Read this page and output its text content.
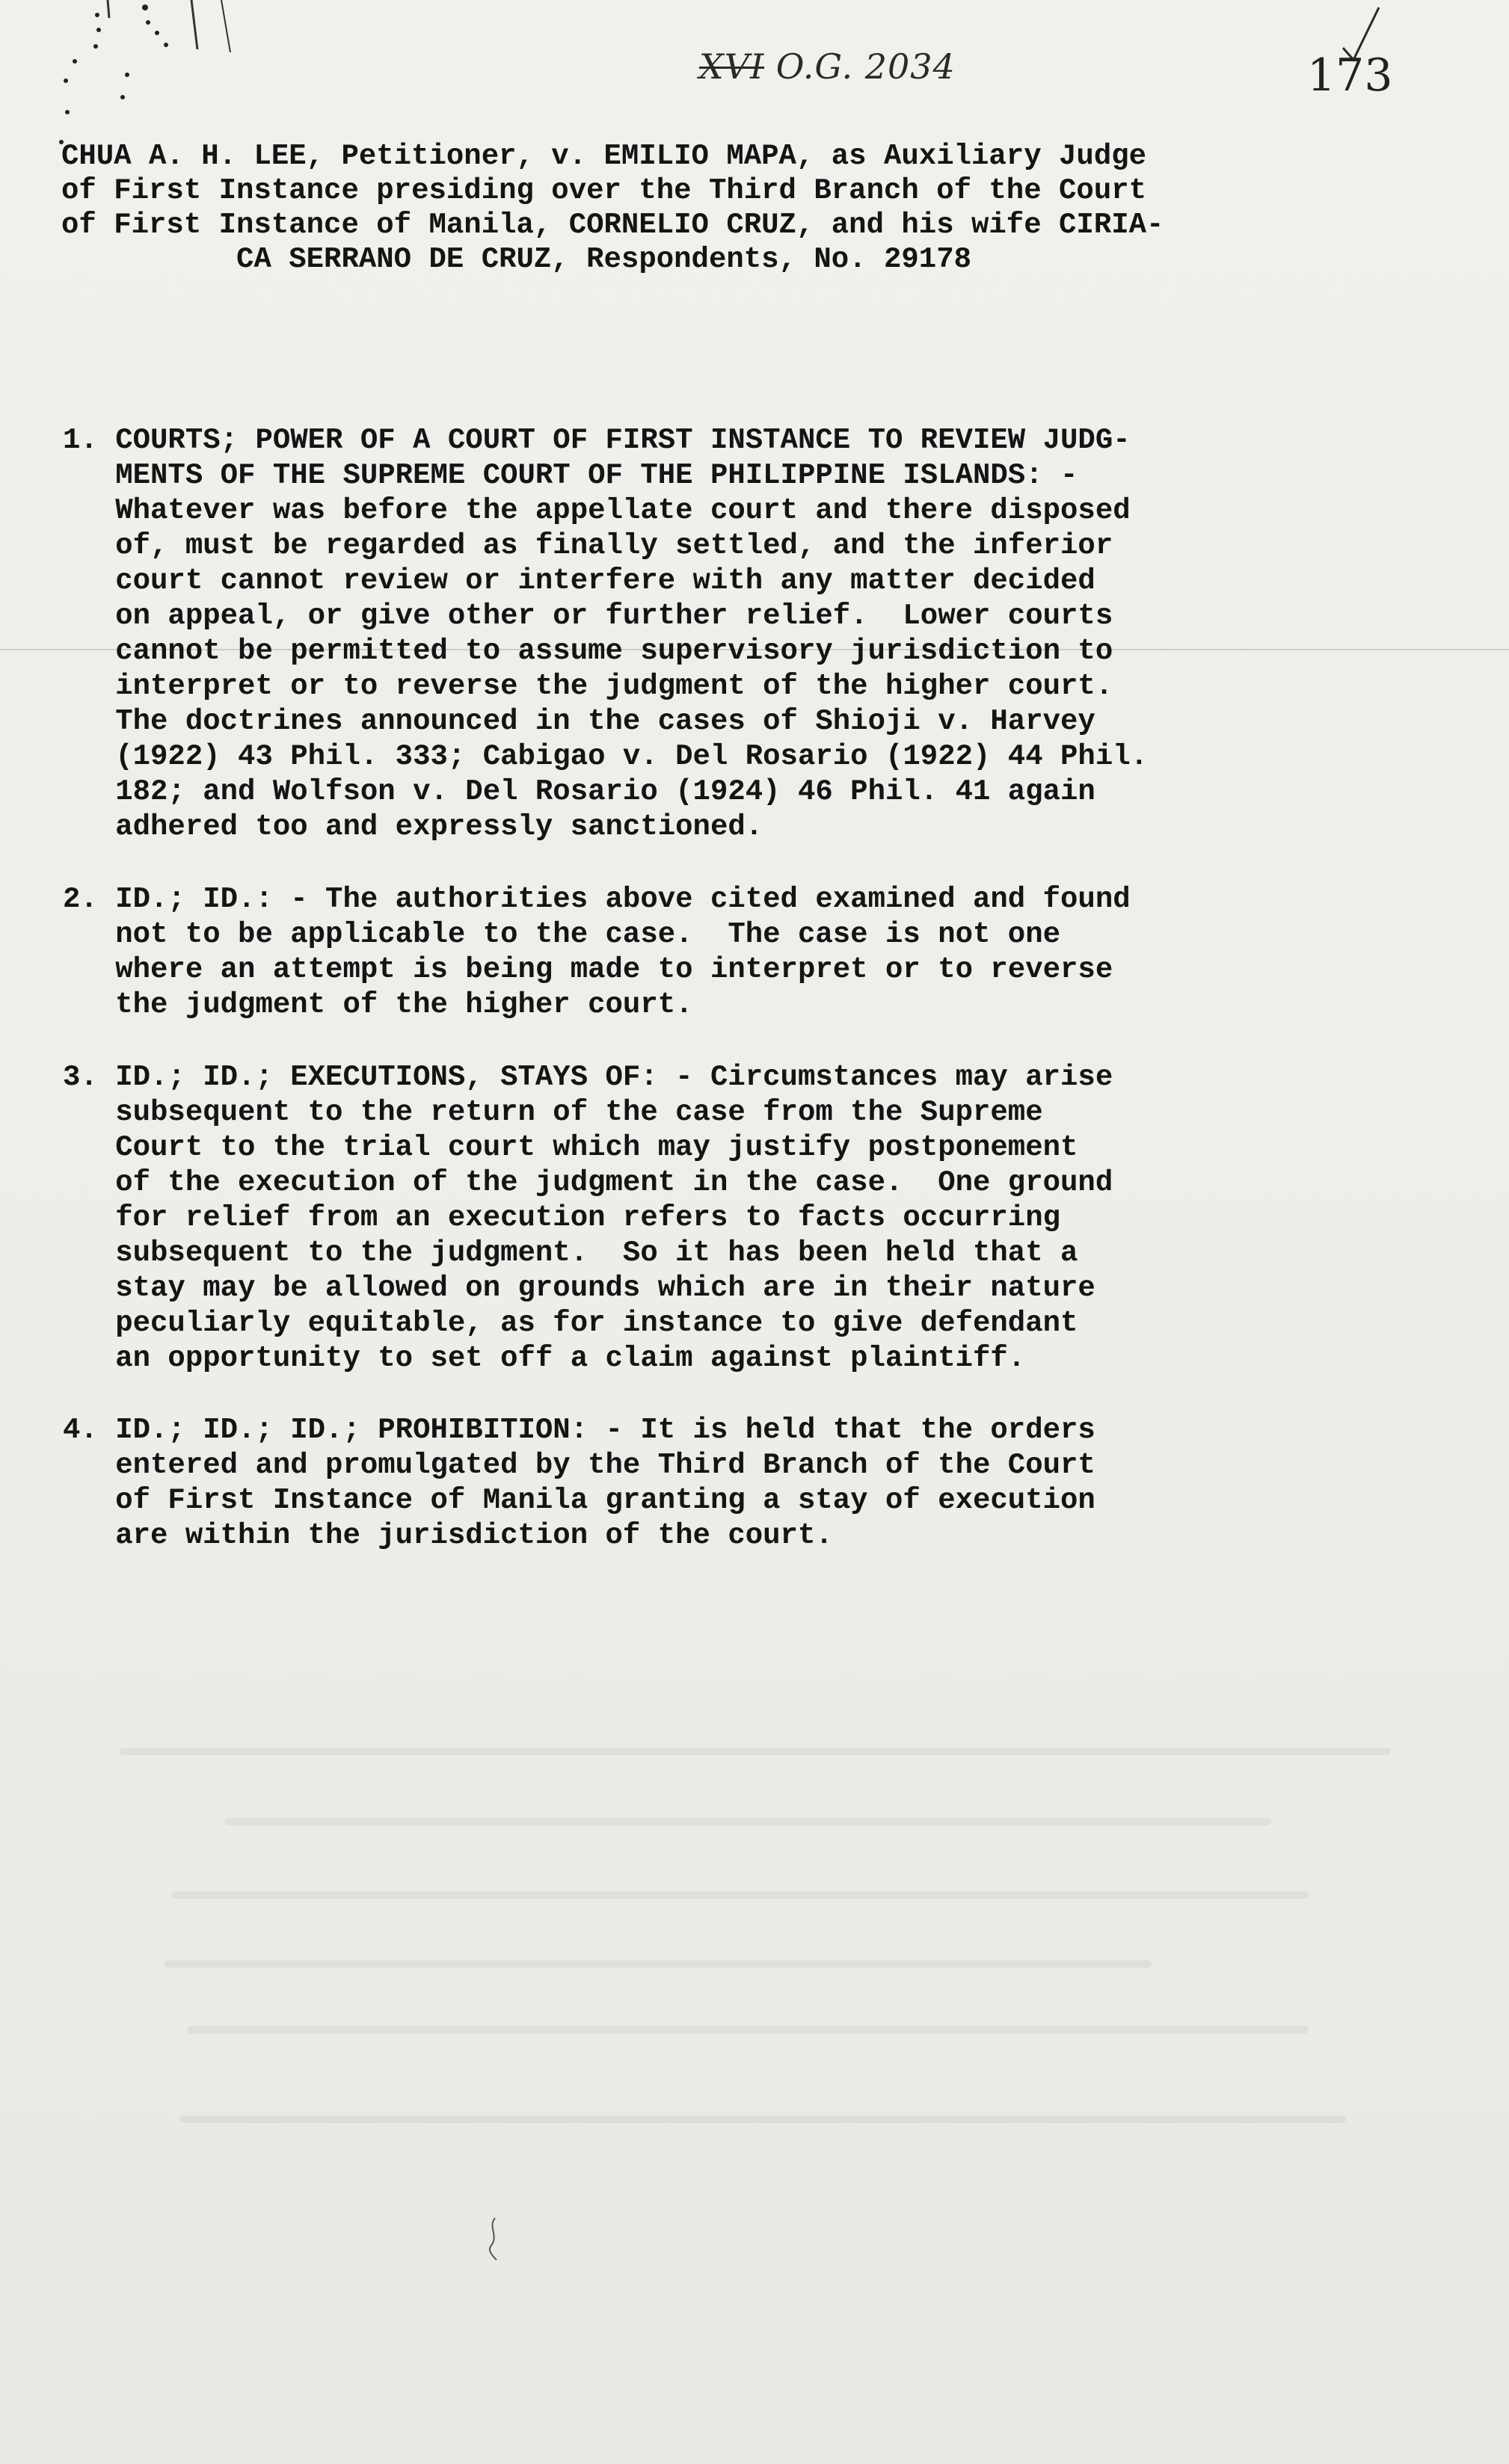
XVI O.G. 2034	173
CHUA A. H. LEE, Petitioner, v. EMILIO MAPA, as Auxiliary Judge
of First Instance presiding over the Third Branch of the Court
of First Instance of Manila, CORNELIO CRUZ, and his wife CIRIA-
CA SERRANO DE CRUZ, Respondents, No. 29178
1. COURTS; POWER OF A COURT OF FIRST INSTANCE TO REVIEW JUDG-
MENTS OF THE SUPREME COURT OF THE PHILIPPINE ISLANDS: -
Whatever was before the appellate court and there disposed
of, must be regarded as finally settled, and the inferior
court cannot review or interfere with any matter decided
on appeal, or give other or further relief.  Lower courts
cannot be permitted to assume supervisory jurisdiction to
interpret or to reverse the judgment of the higher court.
The doctrines announced in the cases of Shioji v. Harvey
(1922) 43 Phil. 333; Cabigao v. Del Rosario (1922) 44 Phil.
182; and Wolfson v. Del Rosario (1924) 46 Phil. 41 again
adhered too and expressly sanctioned.
2. ID.; ID.: - The authorities above cited examined and found
not to be applicable to the case.  The case is not one
where an attempt is being made to interpret or to reverse
the judgment of the higher court.
3. ID.; ID.; EXECUTIONS, STAYS OF: - Circumstances may arise
subsequent to the return of the case from the Supreme
Court to the trial court which may justify postponement
of the execution of the judgment in the case.  One ground
for relief from an execution refers to facts occurring
subsequent to the judgment.  So it has been held that a
stay may be allowed on grounds which are in their nature
peculiarly equitable, as for instance to give defendant
an opportunity to set off a claim against plaintiff.
4. ID.; ID.; ID.; PROHIBITION: - It is held that the orders
entered and promulgated by the Third Branch of the Court
of First Instance of Manila granting a stay of execution
are within the jurisdiction of the court.
